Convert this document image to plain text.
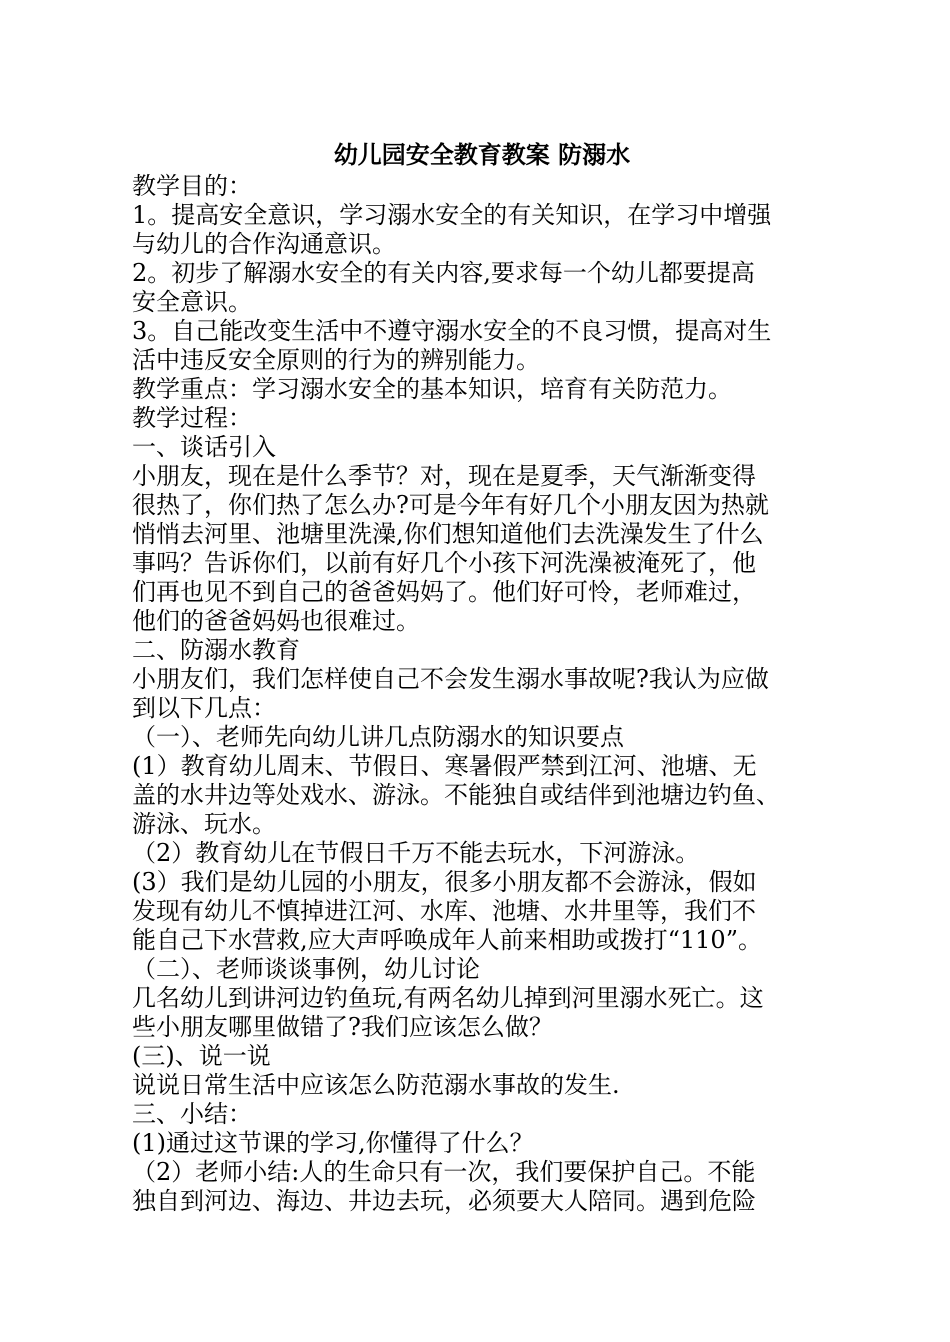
幼儿园安全教育教案 防溺水

教学目的：

1。提高安全意识，学习溺水安全的有关知识，在学习中增强

与幼儿的合作沟通意识。

2。初步了解溺水安全的有关内容,要求每一个幼儿都要提高

安全意识。

3。自己能改变生活中不遵守溺水安全的不良习惯，提高对生

活中违反安全原则的行为的辨别能力。

教学重点：学习溺水安全的基本知识，培育有关防范力。

教学过程：

一、谈话引入

小朋友，现在是什么季节？对，现在是夏季，天气渐渐变得

很热了，你们热了怎么办?可是今年有好几个小朋友因为热就

悄悄去河里、池塘里洗澡,你们想知道他们去洗澡发生了什么

事吗？告诉你们，以前有好几个小孩下河洗澡被淹死了，他

们再也见不到自己的爸爸妈妈了。他们好可怜，老师难过，

他们的爸爸妈妈也很难过。

二、防溺水教育

小朋友们，我们怎样使自己不会发生溺水事故呢?我认为应做

到以下几点：

（一）、老师先向幼儿讲几点防溺水的知识要点

(1）教育幼儿周末、节假日、寒暑假严禁到江河、池塘、无

盖的水井边等处戏水、游泳。不能独自或结伴到池塘边钓鱼、

游泳、玩水。

（2）教育幼儿在节假日千万不能去玩水，下河游泳。

(3）我们是幼儿园的小朋友，很多小朋友都不会游泳，假如

发现有幼儿不慎掉进江河、水库、池塘、水井里等，我们不

能自己下水营救,应大声呼唤成年人前来相助或拨打“110”。

（二）、老师谈谈事例，幼儿讨论

几名幼儿到讲河边钓鱼玩,有两名幼儿掉到河里溺水死亡。这

些小朋友哪里做错了?我们应该怎么做？

(三)、说一说

说说日常生活中应该怎么防范溺水事故的发生.

三、小结：

(1)通过这节课的学习,你懂得了什么？

（2）老师小结:人的生命只有一次，我们要保护自己。不能

独自到河边、海边、井边去玩，必须要大人陪同。遇到危险
